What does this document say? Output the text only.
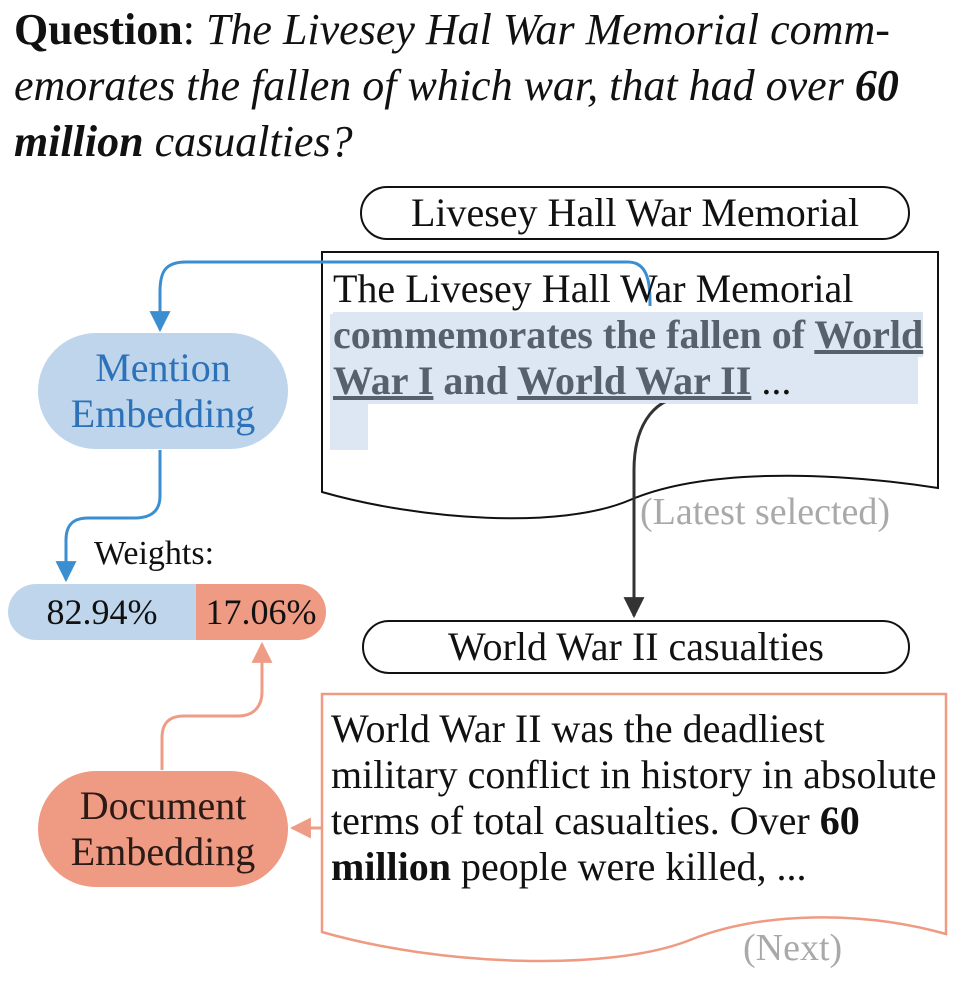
Question: The Livesey Hal War Memorial comm-emorates the fallen of which war, that had over 60 million casualties?
Livesey Hall War Memorial
The Livesey Hall War Memorial commemorates the fallen of World War I and World War II ...
(Latest selected)
World War II casualties
World War II was the deadliest military conflict in history in absolute terms of total casualties. Over 60 million people were killed, ...
(Next)
Mention
Embedding
Weights:
82.94%	17.06%
Document
Embedding
